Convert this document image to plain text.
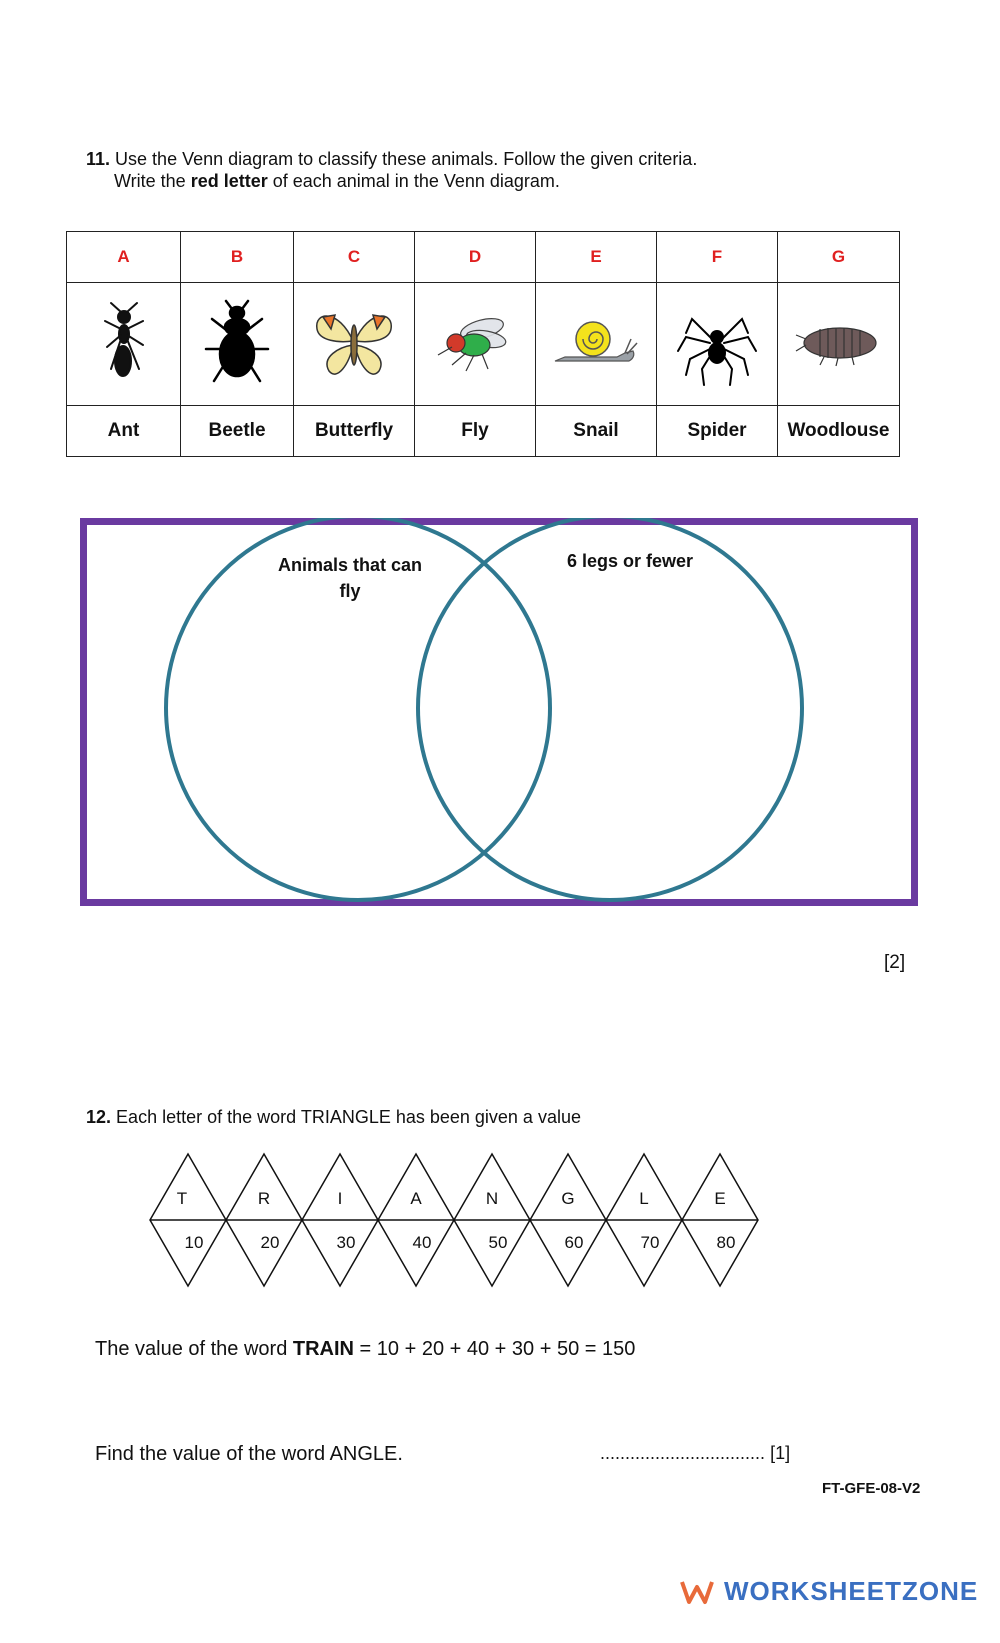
11. Use the Venn diagram to classify these animals. Follow the given criteria.
Write the red letter of each animal in the Venn diagram.
A	B	C	D	E	F	G

Ant	Beetle	Butterfly	Fly	Snail	Spider	Woodlouse
Animals that can
fly
6 legs or fewer
[2]
12. Each letter of the word TRIANGLE has been given a value
T
10
R
20
I
30
A
40
N
50
G
60
L
70
E
80
The value of the word TRAIN = 10 + 20 + 40 + 30 + 50 = 150
Find the value of the word ANGLE.	................................. [1]
FT-GFE-08-V2
WORKSHEETZONE
